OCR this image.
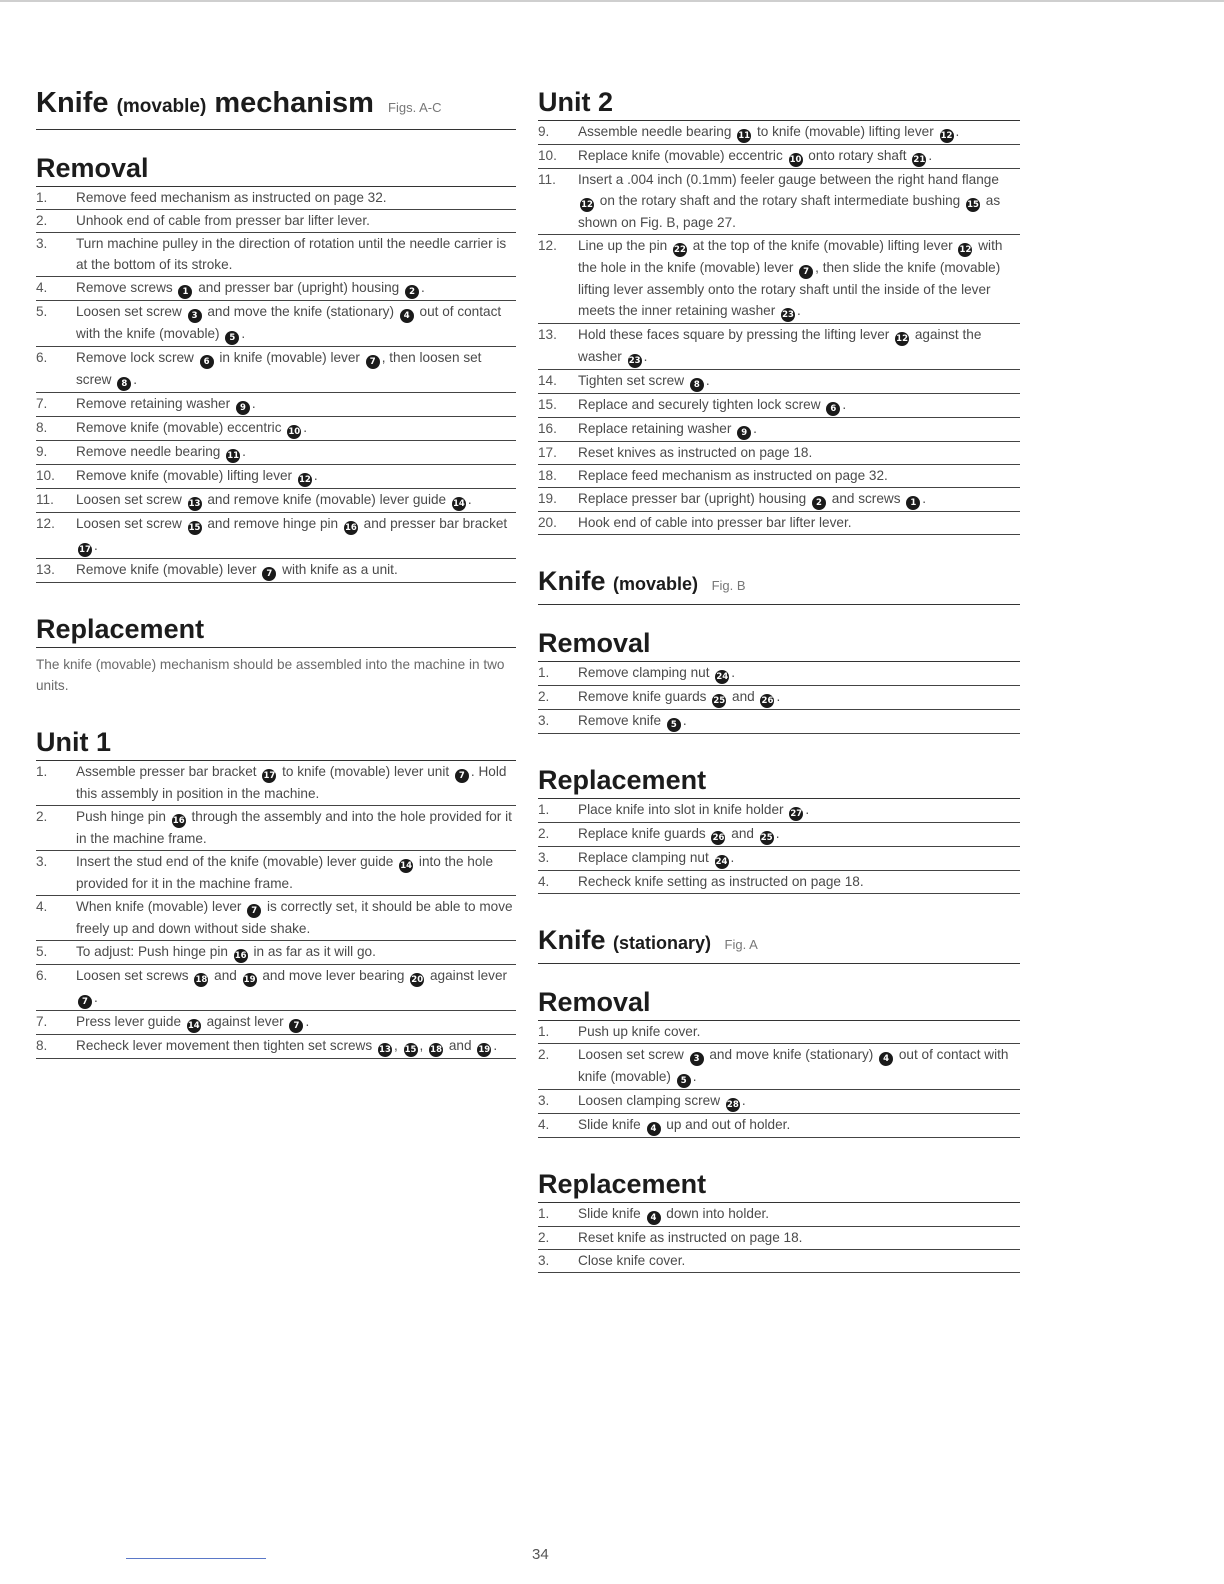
Knife (movable) mechanism Figs. A-C
Removal
1.	Remove feed mechanism as instructed on page 32.
2.	Unhook end of cable from presser bar lifter lever.
3.	Turn machine pulley in the direction of rotation until the needle carrier is at the bottom of its stroke.
4.	Remove screws 1 and presser bar (upright) housing 2 .
5.	Loosen set screw 3 and move the knife (stationary) 4 out of contact with the knife (movable) 5 .
6.	Remove lock screw 6 in knife (movable) lever 7 , then loosen set screw 8 .
7.	Remove retaining washer 9 .
8.	Remove knife (movable) eccentric 10 .
9.	Remove needle bearing 11 .
10.	Remove knife (movable) lifting lever 12 .
11.	Loosen set screw 13 and remove knife (movable) lever guide 14 .
12.	Loosen set screw 15 and remove hinge pin 16 and presser bar bracket 17 .
13.	Remove knife (movable) lever 7 with knife as a unit.
Replacement

The knife (movable) mechanism should be assembled into the machine in two units.

Unit 1
1.	Assemble presser bar bracket 17 to knife (movable) lever unit 7 . Hold this assembly in position in the machine.
2.	Push hinge pin 16 through the assembly and into the hole provided for it in the machine frame.
3.	Insert the stud end of the knife (movable) lever guide 14 into the hole provided for it in the machine frame.
4.	When knife (movable) lever 7 is correctly set, it should be able to move freely up and down without side shake.
5.	To adjust: Push hinge pin 16 in as far as it will go.
6.	Loosen set screws 18 and 19 and move lever bearing 20 against lever 7 .
7.	Press lever guide 14 against lever 7 .
8.	Recheck lever movement then tighten set screws 13 , 15 , 18 and 19 .
Unit 2
9.	Assemble needle bearing 11 to knife (movable) lifting lever 12 .
10.	Replace knife (movable) eccentric 10 onto rotary shaft 21 .
11.	Insert a .004 inch (0.1mm) feeler gauge between the right hand flange 12 on the rotary shaft and the rotary shaft intermediate bushing 15 as shown on Fig. B, page 27.
12.	Line up the pin 22 at the top of the knife (movable) lifting lever 12 with the hole in the knife (movable) lever 7 , then slide the knife (movable) lifting lever assembly onto the rotary shaft until the inside of the lever meets the inner retaining washer 23 .
13.	Hold these faces square by pressing the lifting lever 12 against the washer 23 .
14.	Tighten set screw 8 .
15.	Replace and securely tighten lock screw 6 .
16.	Replace retaining washer 9 .
17.	Reset knives as instructed on page 18.
18.	Replace feed mechanism as instructed on page 32.
19.	Replace presser bar (upright) housing 2 and screws 1 .
20.	Hook end of cable into presser bar lifter lever.
Knife (movable) Fig. B
Removal
1.	Remove clamping nut 24 .
2.	Remove knife guards 25 and 26 .
3.	Remove knife 5 .
Replacement
1.	Place knife into slot in knife holder 27 .
2.	Replace knife guards 26 and 25 .
3.	Replace clamping nut 24 .
4.	Recheck knife setting as instructed on page 18.
Knife (stationary) Fig. A
Removal
1.	Push up knife cover.
2.	Loosen set screw 3 and move knife (stationary) 4 out of contact with knife (movable) 5 .
3.	Loosen clamping screw 28 .
4.	Slide knife 4 up and out of holder.
Replacement
1.	Slide knife 4 down into holder.
2.	Reset knife as instructed on page 18.
3.	Close knife cover.
34
